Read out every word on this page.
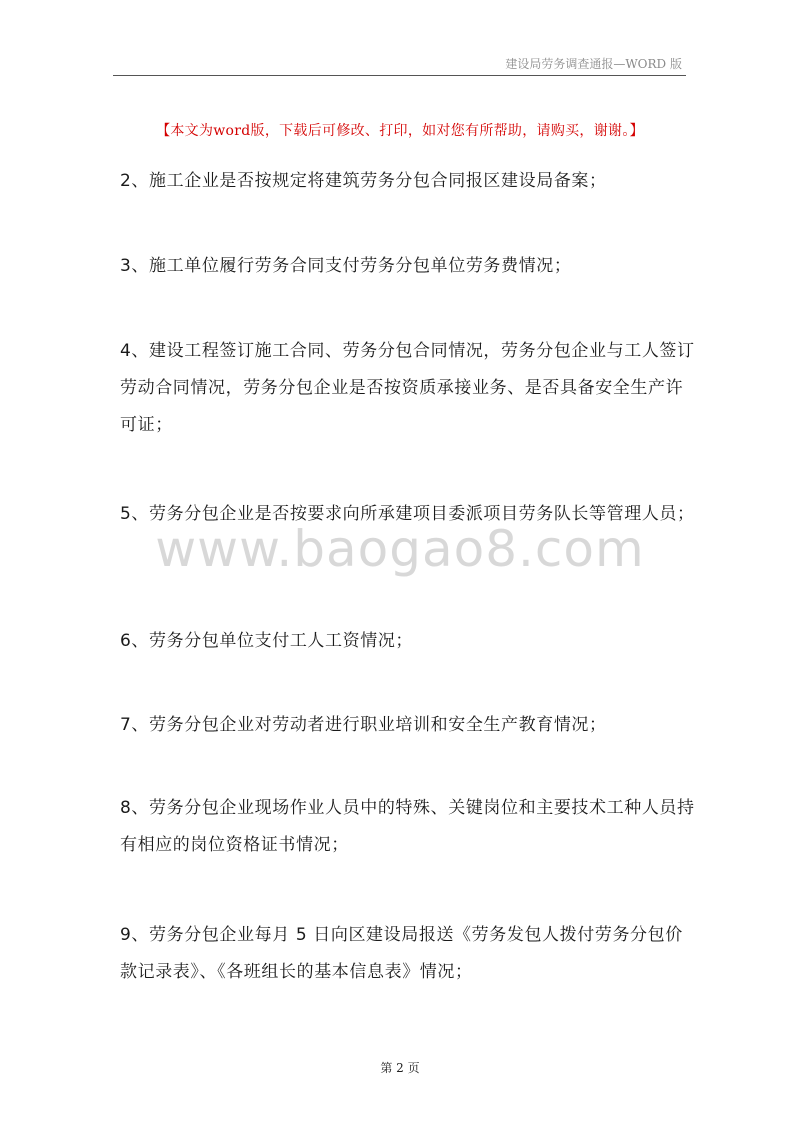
建设局劳务调查通报—WORD 版
【本文为word版，下载后可修改、打印，如对您有所帮助，请购买，谢谢。】
www.baogao8.com

2、施工企业是否按规定将建筑劳务分包合同报区建设局备案；

3、施工单位履行劳务合同支付劳务分包单位劳务费情况；

4、建设工程签订施工合同、劳务分包合同情况，劳务分包企业与工人签订劳动合同情况，劳务分包企业是否按资质承接业务、是否具备安全生产许可证；

5、劳务分包企业是否按要求向所承建项目委派项目劳务队长等管理人员；

6、劳务分包单位支付工人工资情况；

7、劳务分包企业对劳动者进行职业培训和安全生产教育情况；

8、劳务分包企业现场作业人员中的特殊、关键岗位和主要技术工种人员持有相应的岗位资格证书情况；

9、劳务分包企业每月 5 日向区建设局报送《劳务发包人拨付劳务分包价款记录表》、《各班组长的基本信息表》情况；

第 2 页
